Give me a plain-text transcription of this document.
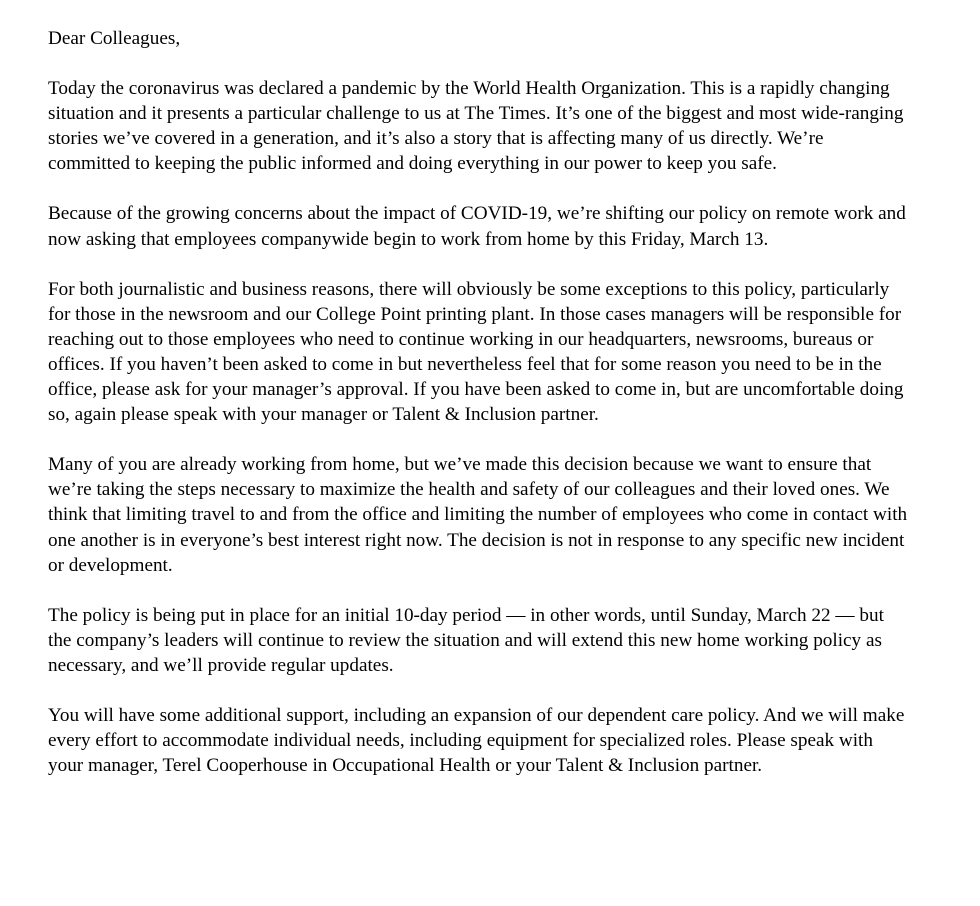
Dear Colleagues,

Today the coronavirus was declared a pandemic by the World Health Organization. This is a rapidly changing situation and it presents a particular challenge to us at The Times. It’s one of the biggest and most wide-ranging stories we’ve covered in a generation, and it’s also a story that is affecting many of us directly. We’re committed to keeping the public informed and doing everything in our power to keep you safe.

Because of the growing concerns about the impact of COVID-19, we’re shifting our policy on remote work and now asking that employees companywide begin to work from home by this Friday, March 13.

For both journalistic and business reasons, there will obviously be some exceptions to this policy, particularly for those in the newsroom and our College Point printing plant. In those cases managers will be responsible for reaching out to those employees who need to continue working in our headquarters, newsrooms, bureaus or offices. If you haven’t been asked to come in but nevertheless feel that for some reason you need to be in the office, please ask for your manager’s approval. If you have been asked to come in, but are uncomfortable doing so, again please speak with your manager or Talent & Inclusion partner.

Many of you are already working from home, but we’ve made this decision because we want to ensure that we’re taking the steps necessary to maximize the health and safety of our colleagues and their loved ones. We think that limiting travel to and from the office and limiting the number of employees who come in contact with one another is in everyone’s best interest right now. The decision is not in response to any specific new incident or development.

The policy is being put in place for an initial 10-day period — in other words, until Sunday, March 22 — but the company’s leaders will continue to review the situation and will extend this new home working policy as necessary, and we’ll provide regular updates.

You will have some additional support, including an expansion of our dependent care policy. And we will make every effort to accommodate individual needs, including equipment for specialized roles. Please speak with your manager, Terel Cooperhouse in Occupational Health or your Talent & Inclusion partner.
